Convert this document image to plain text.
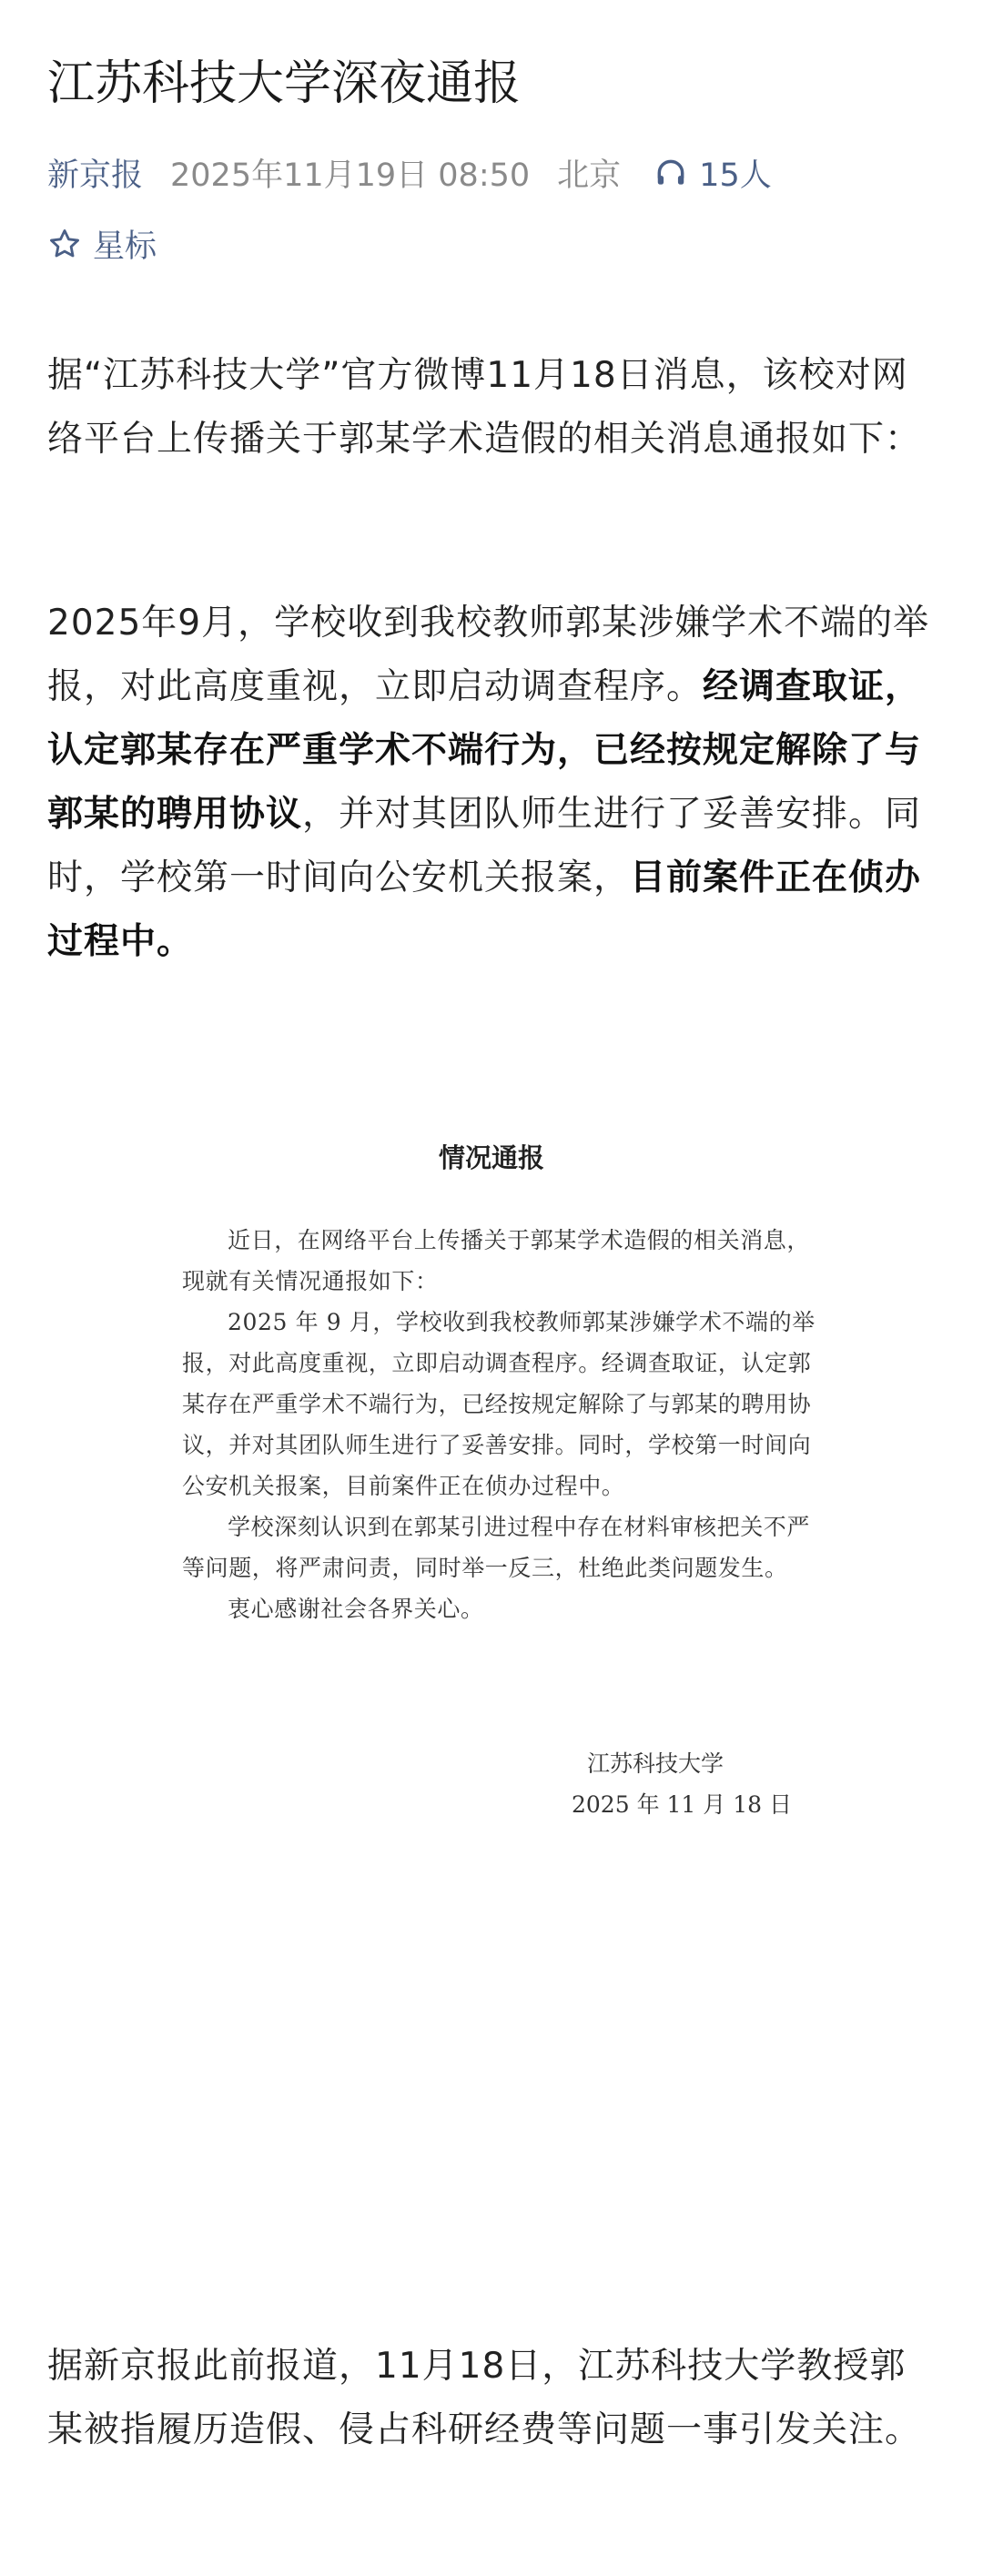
江苏科技大学深夜通报
新京报 2025年11月19日 08:50 北京 15人
星标

据“江苏科技大学”官方微博11月18日消息，该校对网络平台上传播关于郭某学术造假的相关消息通报如下：

2025年9月，学校收到我校教师郭某涉嫌学术不端的举报，对此高度重视，立即启动调查程序。经调查取证，认定郭某存在严重学术不端行为，已经按规定解除了与郭某的聘用协议，并对其团队师生进行了妥善安排。同时，学校第一时间向公安机关报案，目前案件正在侦办过程中。

情况通报

近日，在网络平台上传播关于郭某学术造假的相关消息，现就有关情况通报如下：

2025 年 9 月，学校收到我校教师郭某涉嫌学术不端的举报，对此高度重视，立即启动调查程序。经调查取证，认定郭某存在严重学术不端行为，已经按规定解除了与郭某的聘用协议，并对其团队师生进行了妥善安排。同时，学校第一时间向公安机关报案，目前案件正在侦办过程中。

学校深刻认识到在郭某引进过程中存在材料审核把关不严等问题，将严肃问责，同时举一反三，杜绝此类问题发生。

衷心感谢社会各界关心。

江苏科技大学
2025 年 11 月 18 日

据新京报此前报道，11月18日，江苏科技大学教授郭某被指履历造假、侵占科研经费等问题一事引发关注。
